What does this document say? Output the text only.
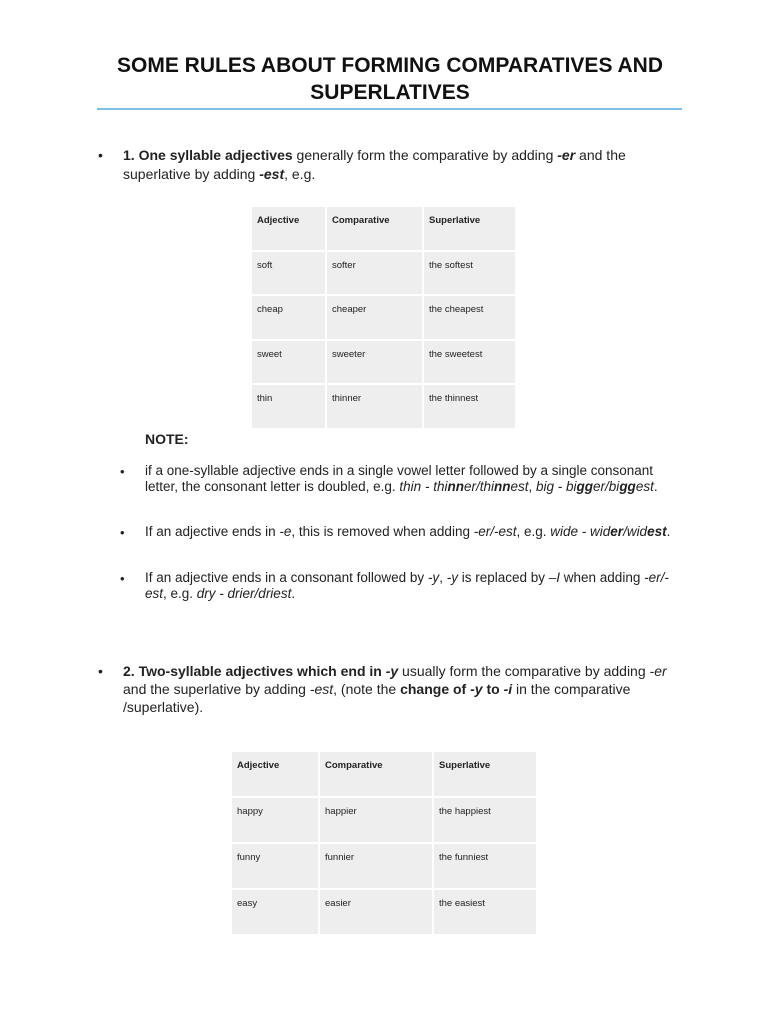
SOME RULES ABOUT FORMING COMPARATIVES AND SUPERLATIVES
• 1. One syllable adjectives generally form the comparative by adding -er and the superlative by adding -est, e.g.

Adjective	Comparative	Superlative
soft	softer	the softest
cheap	cheaper	the cheapest
sweet	sweeter	the sweetest
thin	thinner	the thinnest

NOTE:

• if a one-syllable adjective ends in a single vowel letter followed by a single consonant letter, the consonant letter is doubled, e.g. thin - thinner/thinnest, big - bigger/biggest.

• If an adjective ends in -e, this is removed when adding -er/-est, e.g. wide - wider/widest.

• If an adjective ends in a consonant followed by -y, -y is replaced by –I when adding -er/-est, e.g. dry - drier/driest.

• 2. Two-syllable adjectives which end in -y usually form the comparative by adding -er and the superlative by adding -est, (note the change of -y to -i in the comparative /superlative).

Adjective	Comparative	Superlative
happy	happier	the happiest
funny	funnier	the funniest
easy	easier	the easiest
